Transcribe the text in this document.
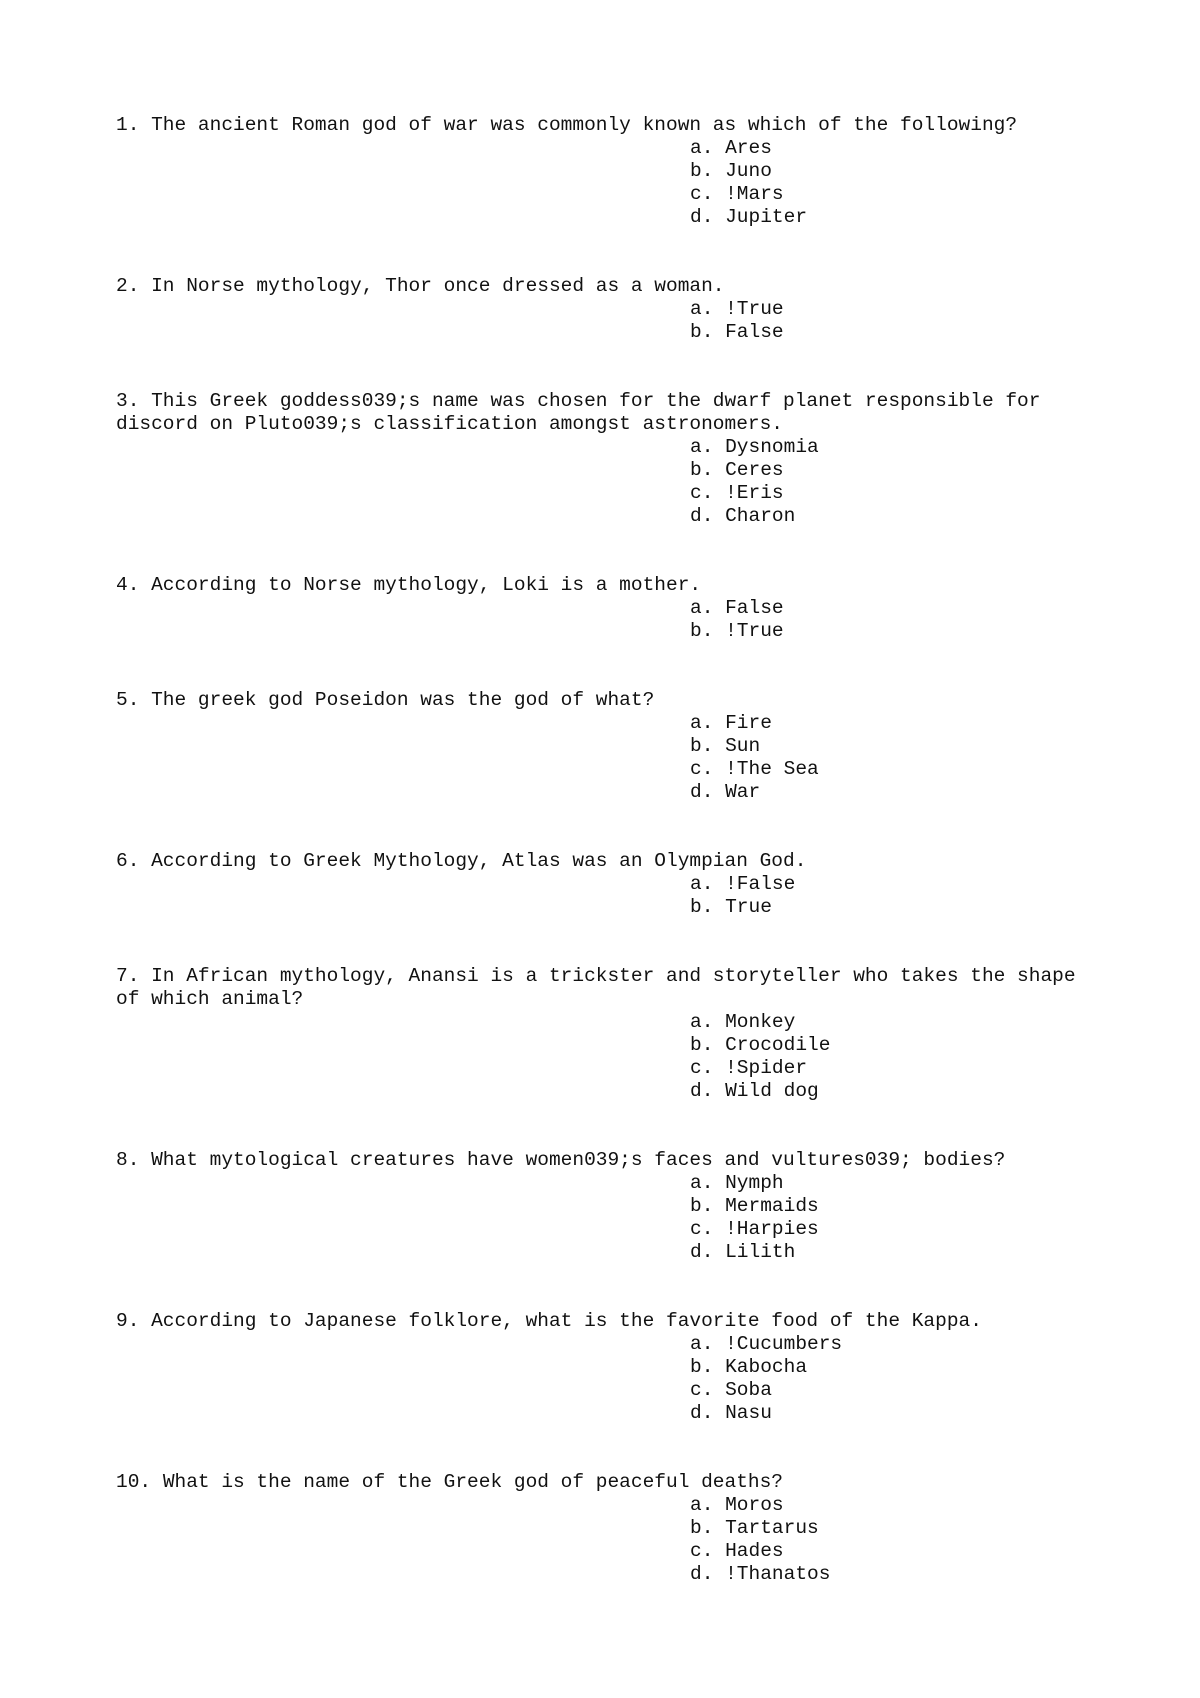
1. The ancient Roman god of war was commonly known as which of the following?

a. Ares
b. Juno
c. !Mars
d. Jupiter

2. In Norse mythology, Thor once dressed as a woman.

a. !True
b. False

3. This Greek goddess039;s name was chosen for the dwarf planet responsible for discord on Pluto039;s classification amongst astronomers.

a. Dysnomia
b. Ceres
c. !Eris
d. Charon

4. According to Norse mythology, Loki is a mother.

a. False
b. !True

5. The greek god Poseidon was the god of what?

a. Fire
b. Sun
c. !The Sea
d. War

6. According to Greek Mythology, Atlas was an Olympian God.

a. !False
b. True

7. In African mythology, Anansi is a trickster and storyteller who takes the shape of which animal?

a. Monkey
b. Crocodile
c. !Spider
d. Wild dog

8. What mytological creatures have women039;s faces and vultures039; bodies?

a. Nymph
b. Mermaids
c. !Harpies
d. Lilith

9. According to Japanese folklore, what is the favorite food of the Kappa.

a. !Cucumbers
b. Kabocha
c. Soba
d. Nasu

10. What is the name of the Greek god of peaceful deaths?

a. Moros
b. Tartarus
c. Hades
d. !Thanatos
